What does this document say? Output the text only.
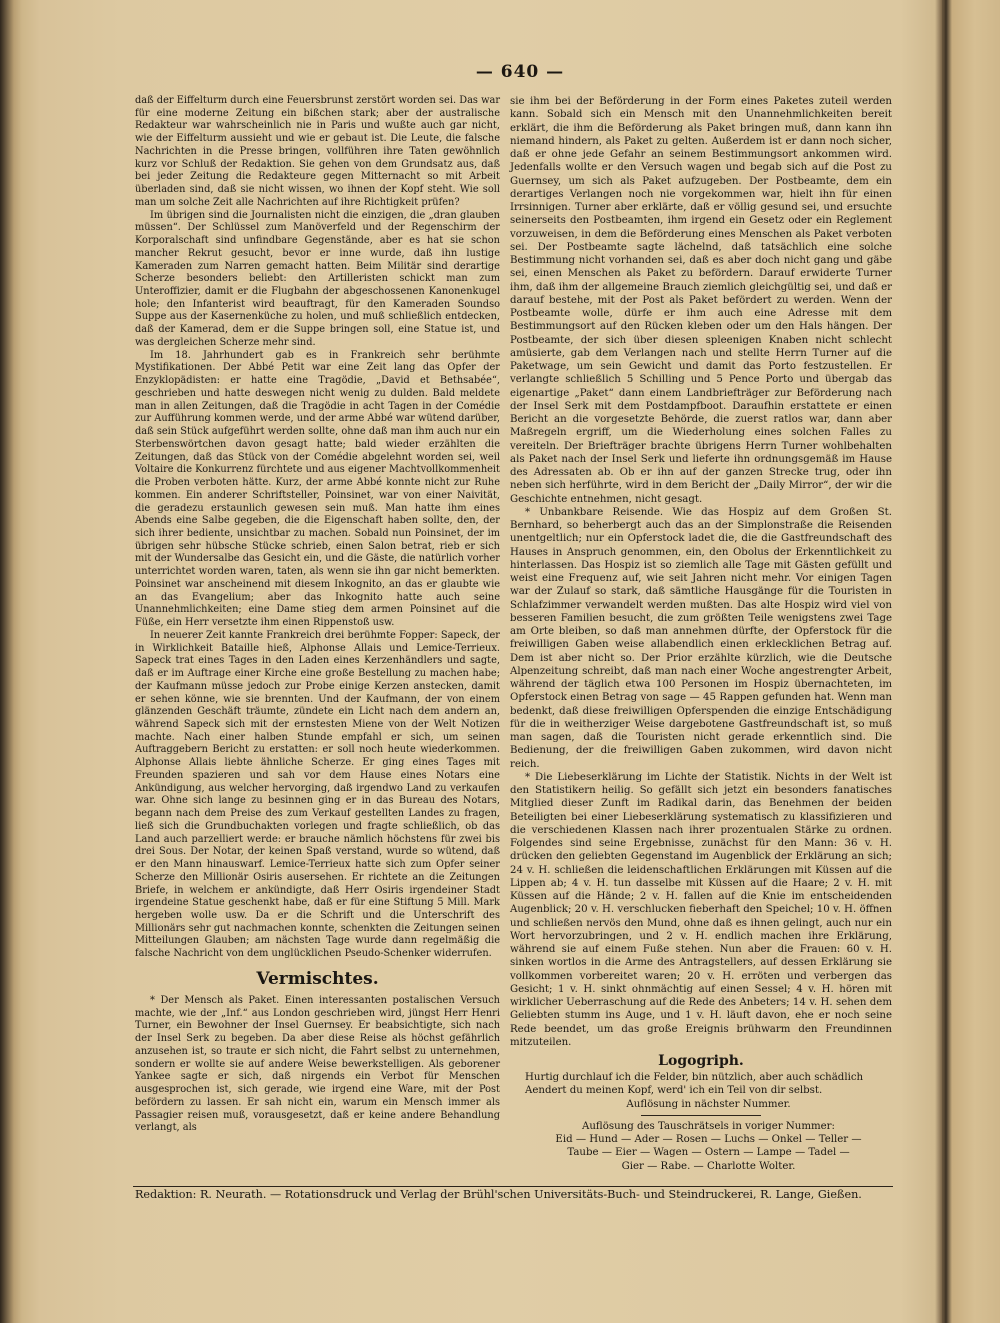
— 640 —

daß der Eiffelturm durch eine Feuersbrunst zerstört worden sei. Das war für eine moderne Zeitung ein bißchen stark; aber der australische Redakteur war wahrscheinlich nie in Paris und wußte auch gar nicht, wie der Eiffelturm aussieht und wie er gebaut ist. Die Leute, die falsche Nachrichten in die Presse bringen, vollführen ihre Taten gewöhnlich kurz vor Schluß der Redaktion. Sie gehen von dem Grundsatz aus, daß bei jeder Zeitung die Redakteure gegen Mitternacht so mit Arbeit überladen sind, daß sie nicht wissen, wo ihnen der Kopf steht. Wie soll man um solche Zeit alle Nachrichten auf ihre Richtigkeit prüfen?

Im übrigen sind die Journalisten nicht die einzigen, die „dran glauben müssen“. Der Schlüssel zum Manöverfeld und der Regenschirm der Korporalschaft sind unfindbare Gegenstände, aber es hat sie schon mancher Rekrut gesucht, bevor er inne wurde, daß ihn lustige Kameraden zum Narren gemacht hatten. Beim Militär sind derartige Scherze besonders beliebt: den Artilleristen schickt man zum Unteroffizier, damit er die Flugbahn der abgeschossenen Kanonenkugel hole; den Infanterist wird beauftragt, für den Kameraden Soundso Suppe aus der Kasernenküche zu holen, und muß schließlich entdecken, daß der Kamerad, dem er die Suppe bringen soll, eine Statue ist, und was dergleichen Scherze mehr sind.

Im 18. Jahrhundert gab es in Frankreich sehr berühmte Mystifikationen. Der Abbé Petit war eine Zeit lang das Opfer der Enzyklopädisten: er hatte eine Tragödie, „David et Bethsabée“, geschrieben und hatte deswegen nicht wenig zu dulden. Bald meldete man in allen Zeitungen, daß die Tragödie in acht Tagen in der Comédie zur Aufführung kommen werde, und der arme Abbé war wütend darüber, daß sein Stück aufgeführt werden sollte, ohne daß man ihm auch nur ein Sterbenswörtchen davon gesagt hatte; bald wieder erzählten die Zeitungen, daß das Stück von der Comédie abgelehnt worden sei, weil Voltaire die Konkurrenz fürchtete und aus eigener Machtvollkommenheit die Proben verboten hätte. Kurz, der arme Abbé konnte nicht zur Ruhe kommen. Ein anderer Schriftsteller, Poinsinet, war von einer Naivität, die geradezu erstaunlich gewesen sein muß. Man hatte ihm eines Abends eine Salbe gegeben, die die Eigenschaft haben sollte, den, der sich ihrer bediente, unsichtbar zu machen. Sobald nun Poinsinet, der im übrigen sehr hübsche Stücke schrieb, einen Salon betrat, rieb er sich mit der Wundersalbe das Gesicht ein, und die Gäste, die natürlich vorher unterrichtet worden waren, taten, als wenn sie ihn gar nicht bemerkten. Poinsinet war anscheinend mit diesem Inkognito, an das er glaubte wie an das Evangelium; aber das Inkognito hatte auch seine Unannehmlichkeiten; eine Dame stieg dem armen Poinsinet auf die Füße, ein Herr versetzte ihm einen Rippenstoß usw.

In neuerer Zeit kannte Frankreich drei berühmte Fopper: Sapeck, der in Wirklichkeit Bataille hieß, Alphonse Allais und Lemice-Terrieux. Sapeck trat eines Tages in den Laden eines Kerzenhändlers und sagte, daß er im Auftrage einer Kirche eine große Bestellung zu machen habe; der Kaufmann müsse jedoch zur Probe einige Kerzen anstecken, damit er sehen könne, wie sie brennten. Und der Kaufmann, der von einem glänzenden Geschäft träumte, zündete ein Licht nach dem andern an, während Sapeck sich mit der ernstesten Miene von der Welt Notizen machte. Nach einer halben Stunde empfahl er sich, um seinen Auftraggebern Bericht zu erstatten: er soll noch heute wiederkommen. Alphonse Allais liebte ähnliche Scherze. Er ging eines Tages mit Freunden spazieren und sah vor dem Hause eines Notars eine Ankündigung, aus welcher hervorging, daß irgendwo Land zu verkaufen war. Ohne sich lange zu besinnen ging er in das Bureau des Notars, begann nach dem Preise des zum Verkauf gestellten Landes zu fragen, ließ sich die Grundbuchakten vorlegen und fragte schließlich, ob das Land auch parzelliert werde: er brauche nämlich höchstens für zwei bis drei Sous. Der Notar, der keinen Spaß verstand, wurde so wütend, daß er den Mann hinauswarf. Lemice-Terrieux hatte sich zum Opfer seiner Scherze den Millionär Osiris ausersehen. Er richtete an die Zeitungen Briefe, in welchem er ankündigte, daß Herr Osiris irgendeiner Stadt irgendeine Statue geschenkt habe, daß er für eine Stiftung 5 Mill. Mark hergeben wolle usw. Da er die Schrift und die Unterschrift des Millionärs sehr gut nachmachen konnte, schenkten die Zeitungen seinen Mitteilungen Glauben; am nächsten Tage wurde dann regelmäßig die falsche Nachricht von dem unglücklichen Pseudo-Schenker widerrufen.

Vermischtes.

* Der Mensch als Paket. Einen interessanten postalischen Versuch machte, wie der „Inf.“ aus London geschrieben wird, jüngst Herr Henri Turner, ein Bewohner der Insel Guernsey. Er beabsichtigte, sich nach der Insel Serk zu begeben. Da aber diese Reise als höchst gefährlich anzusehen ist, so traute er sich nicht, die Fahrt selbst zu unternehmen, sondern er wollte sie auf andere Weise bewerkstelligen. Als geborener Yankee sagte er sich, daß nirgends ein Verbot für Menschen ausgesprochen ist, sich gerade, wie irgend eine Ware, mit der Post befördern zu lassen. Er sah nicht ein, warum ein Mensch immer als Passagier reisen muß, vorausgesetzt, daß er keine andere Behandlung verlangt, als

sie ihm bei der Beförderung in der Form eines Paketes zuteil werden kann. Sobald sich ein Mensch mit den Unannehmlichkeiten bereit erklärt, die ihm die Beförderung als Paket bringen muß, dann kann ihn niemand hindern, als Paket zu gelten. Außerdem ist er dann noch sicher, daß er ohne jede Gefahr an seinem Bestimmungsort ankommen wird. Jedenfalls wollte er den Versuch wagen und begab sich auf die Post zu Guernsey, um sich als Paket aufzugeben. Der Postbeamte, dem ein derartiges Verlangen noch nie vorgekommen war, hielt ihn für einen Irrsinnigen. Turner aber erklärte, daß er völlig gesund sei, und ersuchte seinerseits den Postbeamten, ihm irgend ein Gesetz oder ein Reglement vorzuweisen, in dem die Beförderung eines Menschen als Paket verboten sei. Der Postbeamte sagte lächelnd, daß tatsächlich eine solche Bestimmung nicht vorhanden sei, daß es aber doch nicht gang und gäbe sei, einen Menschen als Paket zu befördern. Darauf erwiderte Turner ihm, daß ihm der allgemeine Brauch ziemlich gleichgültig sei, und daß er darauf bestehe, mit der Post als Paket befördert zu werden. Wenn der Postbeamte wolle, dürfe er ihm auch eine Adresse mit dem Bestimmungsort auf den Rücken kleben oder um den Hals hängen. Der Postbeamte, der sich über diesen spleenigen Knaben nicht schlecht amüsierte, gab dem Verlangen nach und stellte Herrn Turner auf die Paketwage, um sein Gewicht und damit das Porto festzustellen. Er verlangte schließlich 5 Schilling und 5 Pence Porto und übergab das eigenartige „Paket“ dann einem Landbriefträger zur Beförderung nach der Insel Serk mit dem Postdampfboot. Daraufhin erstattete er einen Bericht an die vorgesetzte Behörde, die zuerst ratlos war, dann aber Maßregeln ergriff, um die Wiederholung eines solchen Falles zu vereiteln. Der Briefträger brachte übrigens Herrn Turner wohlbehalten als Paket nach der Insel Serk und lieferte ihn ordnungsgemäß im Hause des Adressaten ab. Ob er ihn auf der ganzen Strecke trug, oder ihn neben sich herführte, wird in dem Bericht der „Daily Mirror“, der wir die Geschichte entnehmen, nicht gesagt.

* Unbankbare Reisende. Wie das Hospiz auf dem Großen St. Bernhard, so beherbergt auch das an der Simplonstraße die Reisenden unentgeltlich; nur ein Opferstock ladet die, die die Gastfreundschaft des Hauses in Anspruch genommen, ein, den Obolus der Erkenntlichkeit zu hinterlassen. Das Hospiz ist so ziemlich alle Tage mit Gästen gefüllt und weist eine Frequenz auf, wie seit Jahren nicht mehr. Vor einigen Tagen war der Zulauf so stark, daß sämtliche Hausgänge für die Touristen in Schlafzimmer verwandelt werden mußten. Das alte Hospiz wird viel von besseren Familien besucht, die zum größten Teile wenigstens zwei Tage am Orte bleiben, so daß man annehmen dürfte, der Opferstock für die freiwilligen Gaben weise allabendlich einen erklecklichen Betrag auf. Dem ist aber nicht so. Der Prior erzählte kürzlich, wie die Deutsche Alpenzeitung schreibt, daß man nach einer Woche angestrengter Arbeit, während der täglich etwa 100 Personen im Hospiz übernachteten, im Opferstock einen Betrag von sage — 45 Rappen gefunden hat. Wenn man bedenkt, daß diese freiwilligen Opferspenden die einzige Entschädigung für die in weitherziger Weise dargebotene Gastfreundschaft ist, so muß man sagen, daß die Touristen nicht gerade erkenntlich sind. Die Bedienung, der die freiwilligen Gaben zukommen, wird davon nicht reich.

* Die Liebeserklärung im Lichte der Statistik. Nichts in der Welt ist den Statistikern heilig. So gefällt sich jetzt ein besonders fanatisches Mitglied dieser Zunft im Radikal darin, das Benehmen der beiden Beteiligten bei einer Liebeserklärung systematisch zu klassifizieren und die verschiedenen Klassen nach ihrer prozentualen Stärke zu ordnen. Folgendes sind seine Ergebnisse, zunächst für den Mann: 36 v. H. drücken den geliebten Gegenstand im Augenblick der Erklärung an sich; 24 v. H. schließen die leidenschaftlichen Erklärungen mit Küssen auf die Lippen ab; 4 v. H. tun dasselbe mit Küssen auf die Haare; 2 v. H. mit Küssen auf die Hände; 2 v. H. fallen auf die Knie im entscheidenden Augenblick; 20 v. H. verschlucken fieberhaft den Speichel; 10 v. H. öffnen und schließen nervös den Mund, ohne daß es ihnen gelingt, auch nur ein Wort hervorzubringen, und 2 v. H. endlich machen ihre Erklärung, während sie auf einem Fuße stehen. Nun aber die Frauen: 60 v. H. sinken wortlos in die Arme des Antragstellers, auf dessen Erklärung sie vollkommen vorbereitet waren; 20 v. H. erröten und verbergen das Gesicht; 1 v. H. sinkt ohnmächtig auf einen Sessel; 4 v. H. hören mit wirklicher Ueberraschung auf die Rede des Anbeters; 14 v. H. sehen dem Geliebten stumm ins Auge, und 1 v. H. läuft davon, ehe er noch seine Rede beendet, um das große Ereignis brühwarm den Freundinnen mitzuteilen.

Logogriph.

Hurtig durchlauf ich die Felder, bin nützlich, aber auch schädlich

Aendert du meinen Kopf, werd' ich ein Teil von dir selbst.

Auflösung in nächster Nummer.

Auflösung des Tauschrätsels in voriger Nummer:

Eid — Hund — Ader — Rosen — Luchs — Onkel — Teller —

Taube — Eier — Wagen — Ostern — Lampe — Tadel —

Gier — Rabe. — Charlotte Wolter.

Redaktion: R. Neurath. — Rotationsdruck und Verlag der Brühl'schen Universitäts-Buch- und Steindruckerei, R. Lange, Gießen.
